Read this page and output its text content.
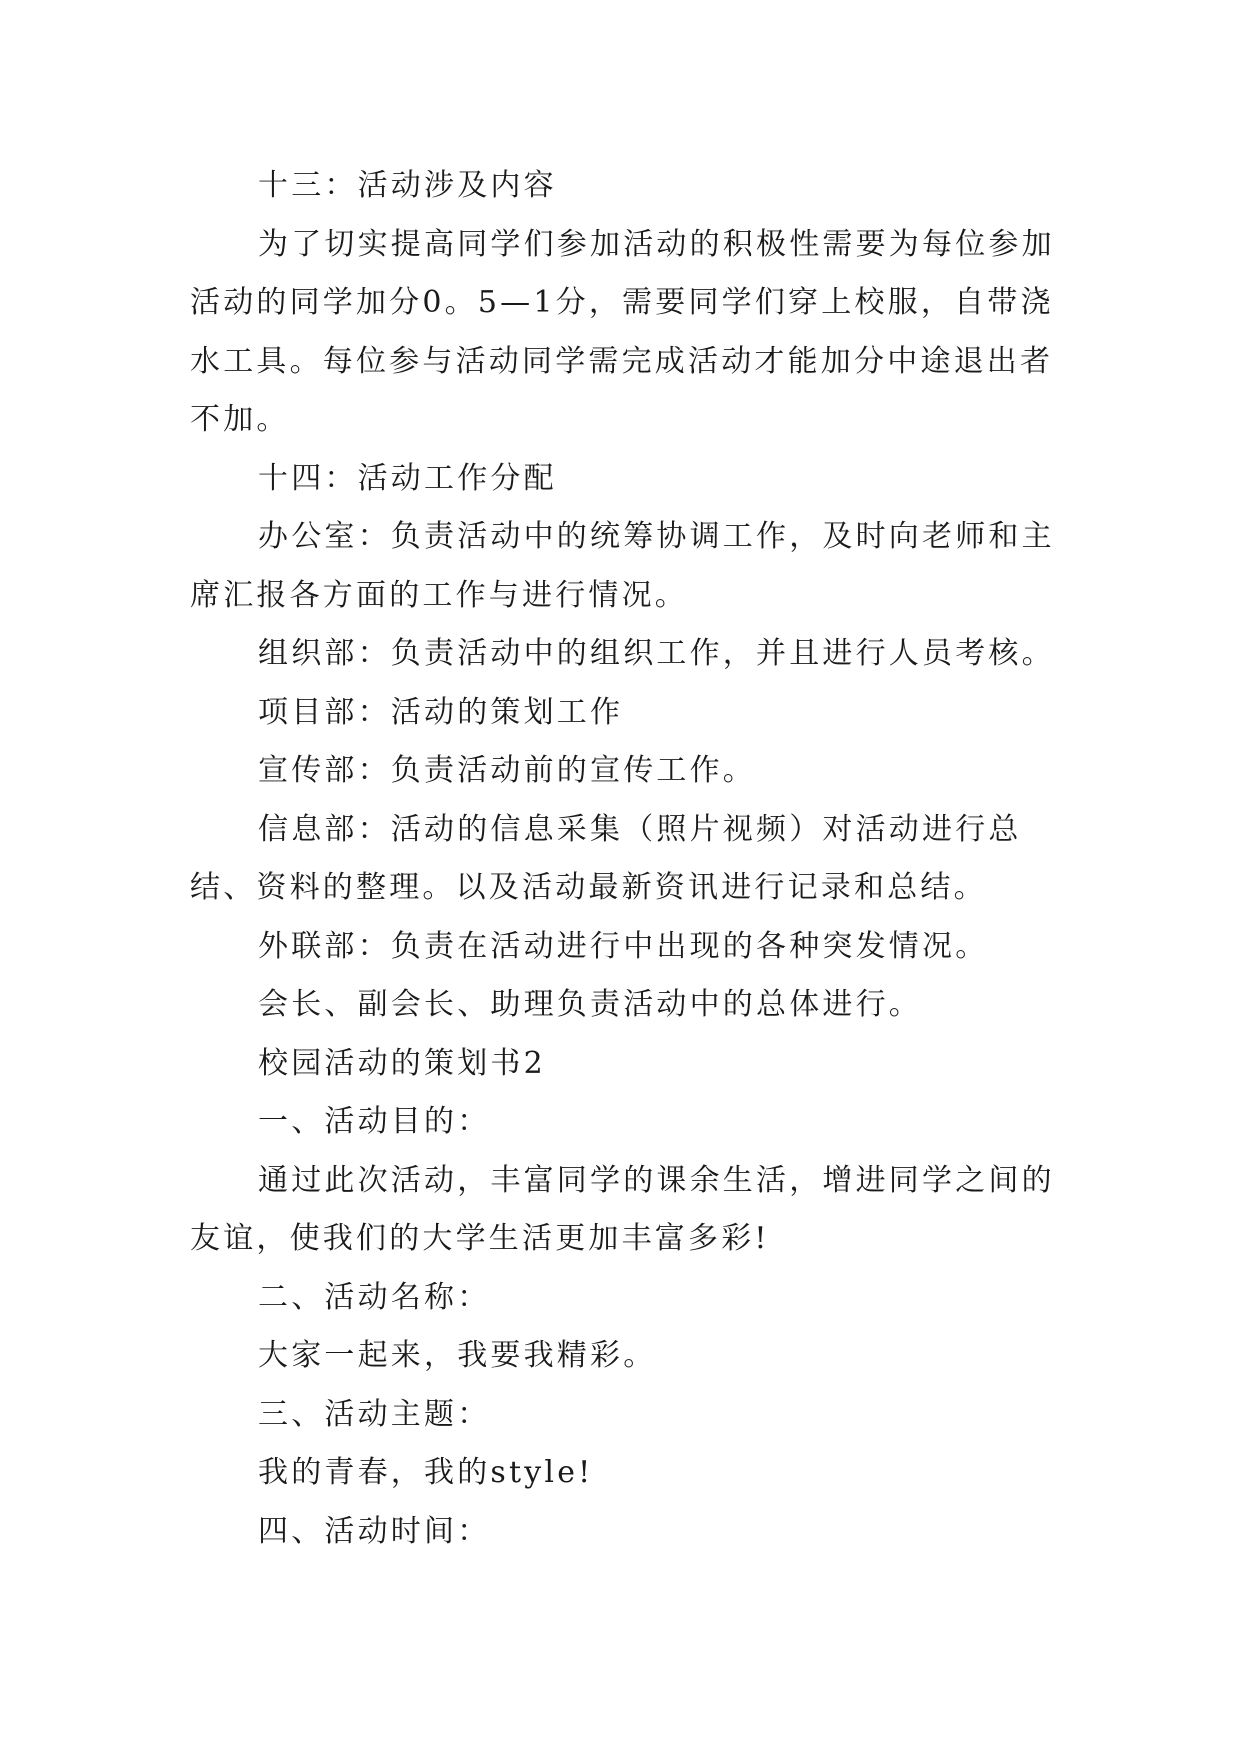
十三：活动涉及内容

为了切实提高同学们参加活动的积极性需要为每位参加活动的同学加分0。5—1分，需要同学们穿上校服，自带浇水工具。每位参与活动同学需完成活动才能加分中途退出者不加。

十四：活动工作分配

办公室：负责活动中的统筹协调工作，及时向老师和主席汇报各方面的工作与进行情况。

组织部：负责活动中的组织工作，并且进行人员考核。

项目部：活动的策划工作

宣传部：负责活动前的宣传工作。

信息部：活动的信息采集（照片视频）对活动进行总结、资料的整理。以及活动最新资讯进行记录和总结。

外联部：负责在活动进行中出现的各种突发情况。

会长、副会长、助理负责活动中的总体进行。

校园活动的策划书2

一、活动目的：

通过此次活动，丰富同学的课余生活，增进同学之间的友谊，使我们的大学生活更加丰富多彩!

二、活动名称：

大家一起来，我要我精彩。

三、活动主题：

我的青春，我的style!

四、活动时间：
